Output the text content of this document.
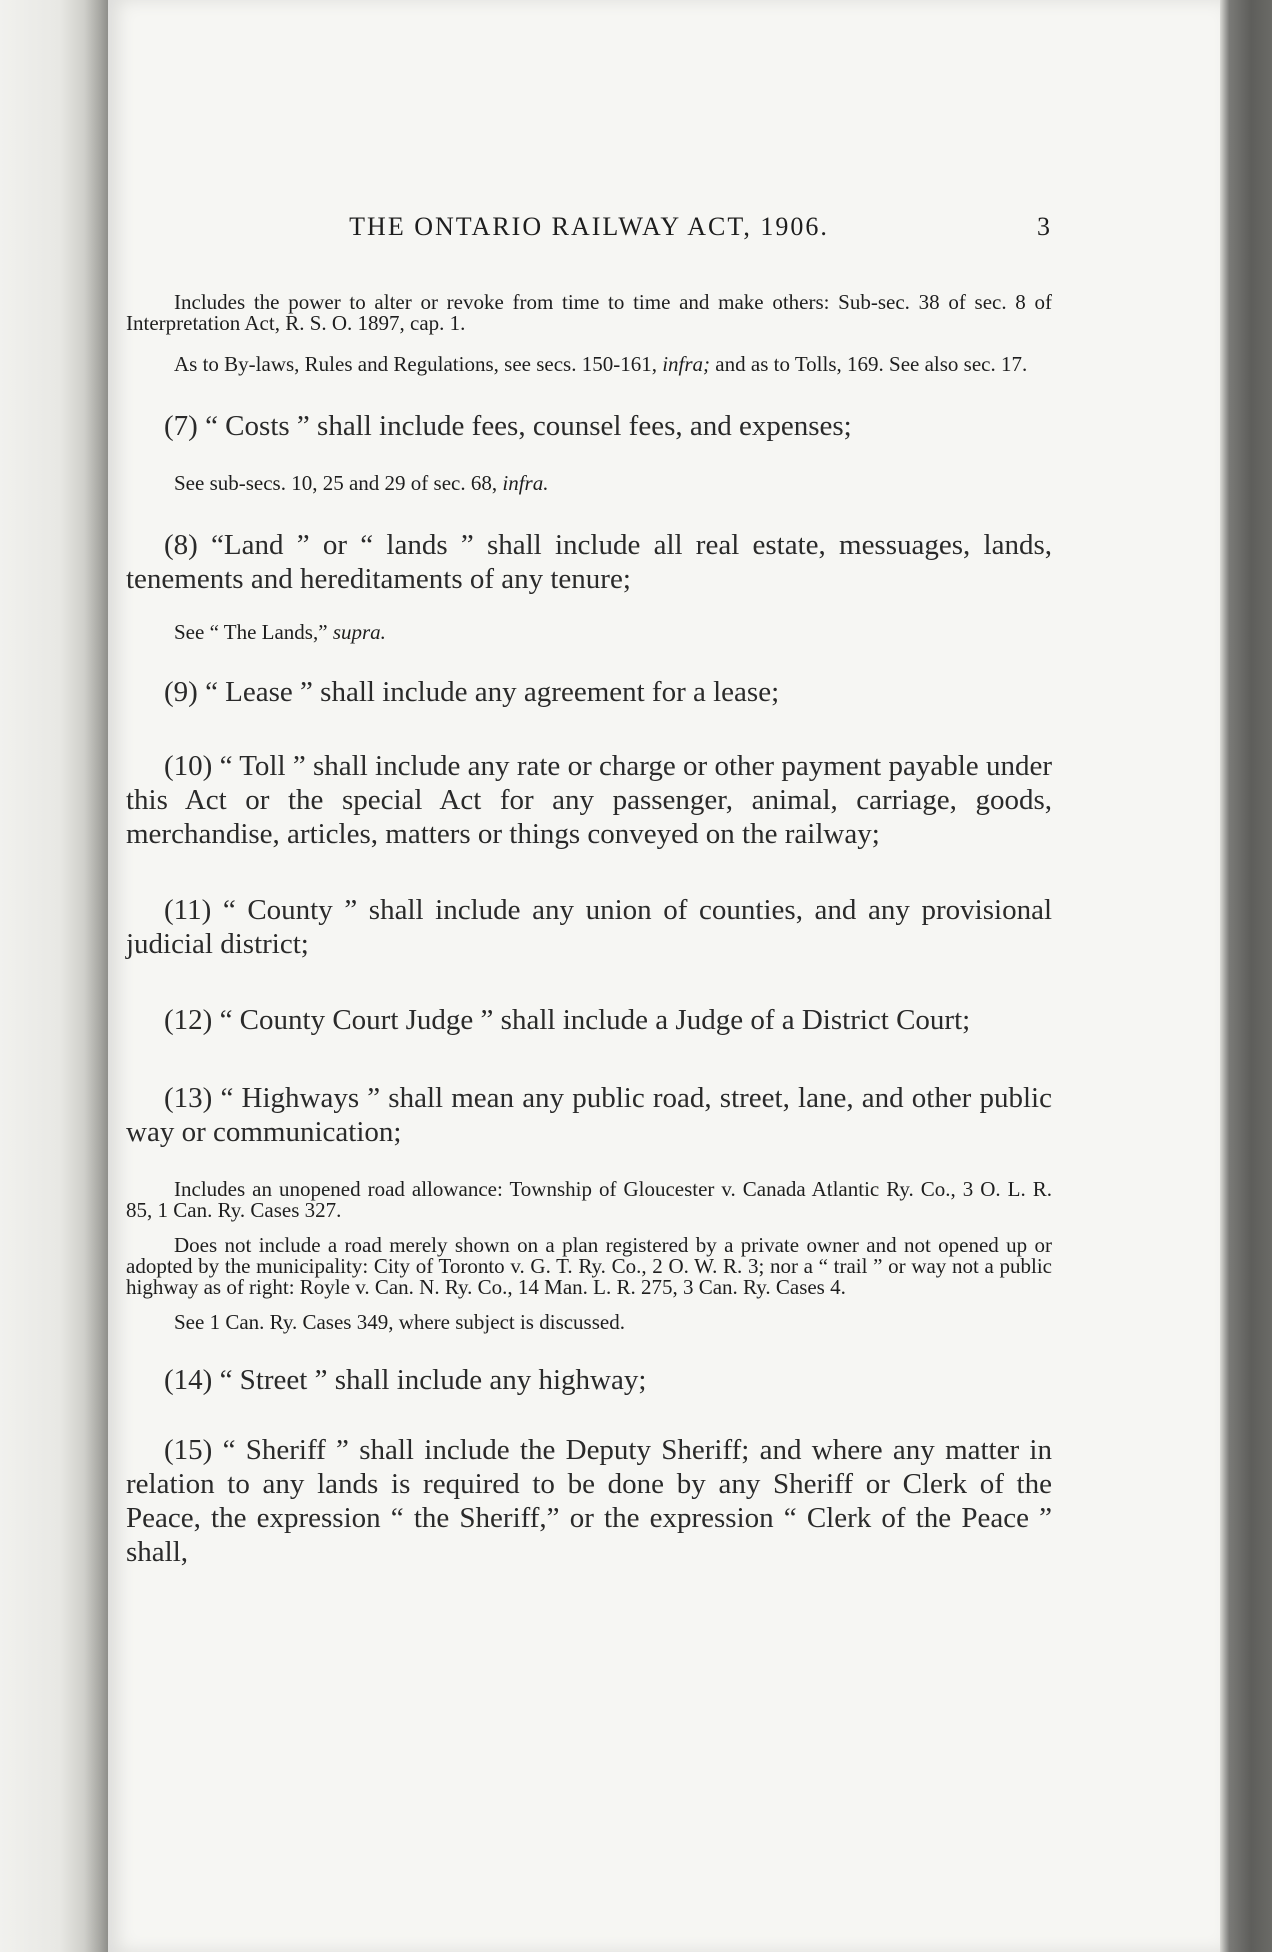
THE ONTARIO RAILWAY ACT, 1906.	3

Includes the power to alter or revoke from time to time and make others: Sub-sec. 38 of sec. 8 of Interpretation Act, R. S. O. 1897, cap. 1.

As to By-laws, Rules and Regulations, see secs. 150-161, infra; and as to Tolls, 169. See also sec. 17.

(7) “ Costs ” shall include fees, counsel fees, and expenses;

See sub-secs. 10, 25 and 29 of sec. 68, infra.

(8) “Land ” or “ lands ” shall include all real estate, messuages, lands, tenements and hereditaments of any tenure;

See “ The Lands,” supra.

(9) “ Lease ” shall include any agreement for a lease;

(10) “ Toll ” shall include any rate or charge or other payment payable under this Act or the special Act for any passenger, animal, carriage, goods, merchandise, articles, matters or things conveyed on the railway;

(11) “ County ” shall include any union of counties, and any provisional judicial district;

(12) “ County Court Judge ” shall include a Judge of a District Court;

(13) “ Highways ” shall mean any public road, street, lane, and other public way or communication;

Includes an unopened road allowance: Township of Gloucester v. Canada Atlantic Ry. Co., 3 O. L. R. 85, 1 Can. Ry. Cases 327.

Does not include a road merely shown on a plan registered by a private owner and not opened up or adopted by the municipality: City of Toronto v. G. T. Ry. Co., 2 O. W. R. 3; nor a “ trail ” or way not a public highway as of right: Royle v. Can. N. Ry. Co., 14 Man. L. R. 275, 3 Can. Ry. Cases 4.

See 1 Can. Ry. Cases 349, where subject is discussed.

(14) “ Street ” shall include any highway;

(15) “ Sheriff ” shall include the Deputy Sheriff; and where any matter in relation to any lands is required to be done by any Sheriff or Clerk of the Peace, the expression “ the Sheriff,” or the expression “ Clerk of the Peace ” shall,
